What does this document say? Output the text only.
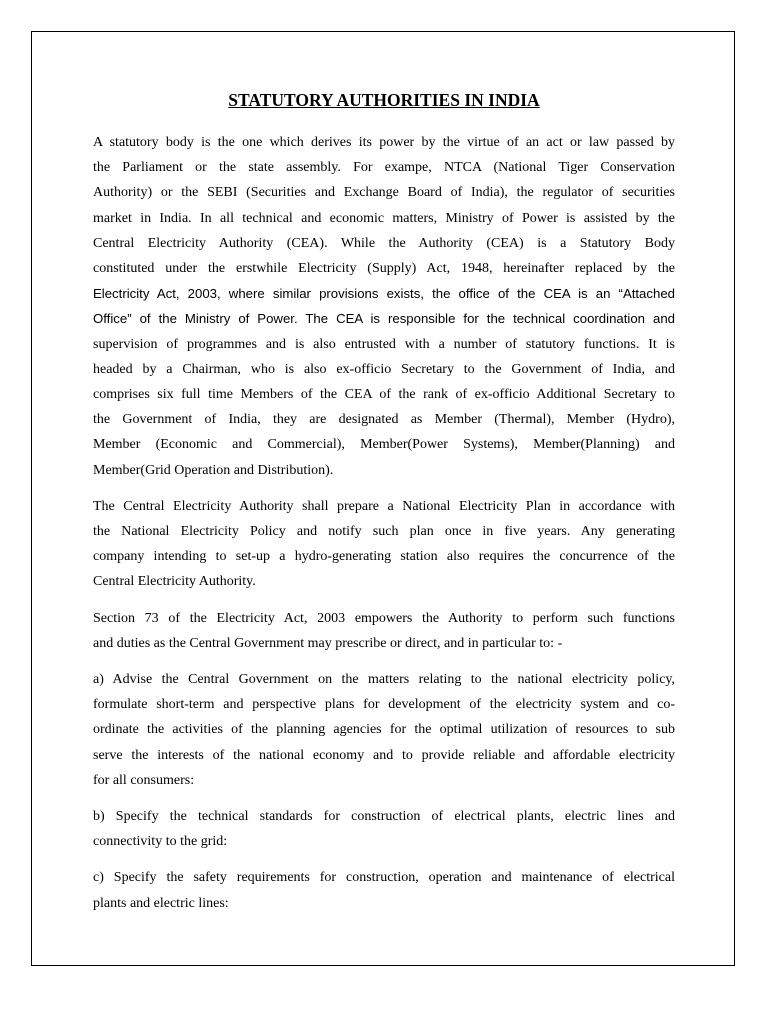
STATUTORY AUTHORITIES IN INDIA
A statutory body is the one which derives its power by the virtue of an act or law passed by
the Parliament or the state assembly. For exampe, NTCA (National Tiger Conservation
Authority) or the SEBI (Securities and Exchange Board of India), the regulator of securities
market in India. In all technical and economic matters, Ministry of Power is assisted by the
Central Electricity Authority (CEA). While the Authority (CEA) is a Statutory Body
constituted under the erstwhile Electricity (Supply) Act, 1948, hereinafter replaced by the
Electricity Act, 2003, where similar provisions exists, the office of the CEA is an “Attached
Office” of the Ministry of Power. The CEA is responsible for the technical coordination and
supervision of programmes and is also entrusted with a number of statutory functions. It is
headed by a Chairman, who is also ex-officio Secretary to the Government of India, and
comprises six full time Members of the CEA of the rank of ex-officio Additional Secretary to
the Government of India, they are designated as Member (Thermal), Member (Hydro),
Member (Economic and Commercial), Member(Power Systems), Member(Planning) and
Member(Grid Operation and Distribution).
The Central Electricity Authority shall prepare a National Electricity Plan in accordance with
the National Electricity Policy and notify such plan once in five years. Any generating
company intending to set-up a hydro-generating station also requires the concurrence of the
Central Electricity Authority.
Section 73 of the Electricity Act, 2003 empowers the Authority to perform such functions
and duties as the Central Government may prescribe or direct, and in particular to: -
a) Advise the Central Government on the matters relating to the national electricity policy,
formulate short-term and perspective plans for development of the electricity system and co-
ordinate the activities of the planning agencies for the optimal utilization of resources to sub
serve the interests of the national economy and to provide reliable and affordable electricity
for all consumers:
b) Specify the technical standards for construction of electrical plants, electric lines and
connectivity to the grid:
c) Specify the safety requirements for construction, operation and maintenance of electrical
plants and electric lines:
